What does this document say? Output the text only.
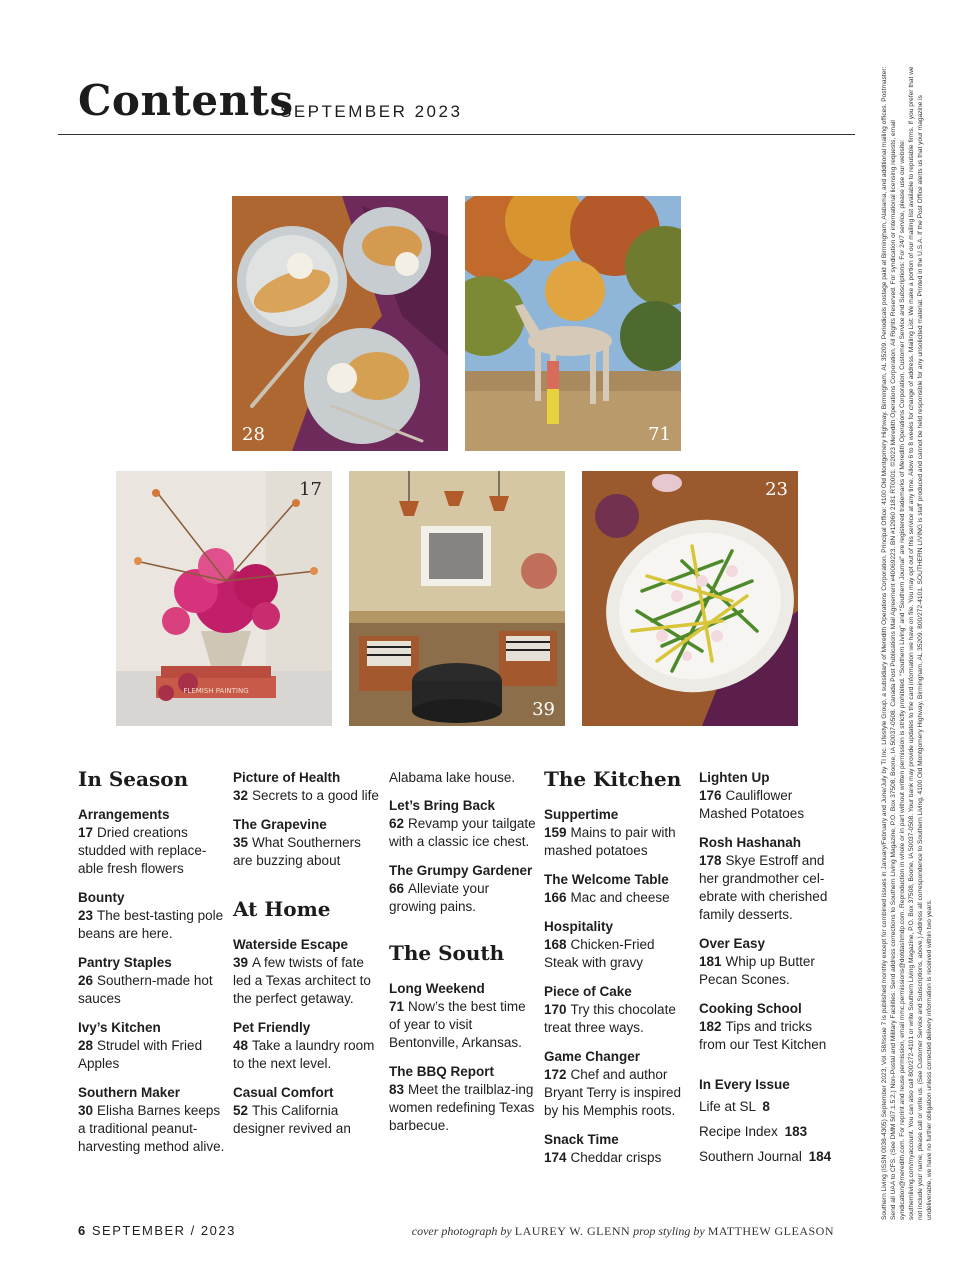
Contents
SEPTEMBER 2023
28	71
FLEMISH PAINTING
17
39
23
In Season
Arrangements
17 Dried creations studded with replace-able fresh flowers
Bounty
23 The best-tasting pole beans are here.
Pantry Staples
26 Southern-made hot sauces
Ivy’s Kitchen
28 Strudel with Fried Apples
Southern Maker
30 Elisha Barnes keeps a traditional peanut-harvesting method alive.
Picture of Health
32 Secrets to a good life
The Grapevine
35 What Southerners are buzzing about
At Home
Waterside Escape
39 A few twists of fate led a Texas architect to the perfect getaway.
Pet Friendly
48 Take a laundry room to the next level.
Casual Comfort
52 This California designer revived an
Alabama lake house.
Let’s Bring Back
62 Revamp your tailgate with a classic ice chest.
The Grumpy Gardener
66 Alleviate your growing pains.
The South
Long Weekend
71 Now’s the best time of year to visit Bentonville, Arkansas.
The BBQ Report
83 Meet the trailblaz-ing women redefining Texas barbecue.
The Kitchen
Suppertime
159 Mains to pair with mashed potatoes
The Welcome Table
166 Mac and cheese
Hospitality
168 Chicken-Fried Steak with gravy
Piece of Cake
170 Try this chocolate treat three ways.
Game Changer
172 Chef and author Bryant Terry is inspired by his Memphis roots.
Snack Time
174 Cheddar crisps
Lighten Up
176 Cauliflower Mashed Potatoes
Rosh Hashanah
178 Skye Estroff and her grandmother cel-ebrate with cherished family desserts.
Over Easy
181 Whip up Butter Pecan Scones.
Cooking School
182 Tips and tricks from our Test Kitchen
In Every Issue
Life at SL 8
Recipe Index 183
Southern Journal 184
6 SEPTEMBER / 2023	cover photograph by LAUREY W. GLENN prop styling by MATTHEW GLEASON
Southern Living (ISSN 0038-4305) September 2023, Vol. 58/Issue 7 is published monthly except for combined issues in January/February and June/July by TI Inc. Lifestyle Group, a subsidiary of Meredith Operations Corporation. Principal Office: 4100 Old Montgomery Highway, Birmingham, AL 35209. Periodicals postage paid at Birmingham, Alabama, and additional mailing offices. Postmaster: Send all UAA to CFS. (See DMM 507.1.5.2.) Non-Postal and Military Facilities: Send address corrections to Southern Living Magazine, P.O. Box 37508, Boone, IA 50037-0508. Canada Post Publications Mail Agreement #40069223. BN #12960 2181 RT0001. ©2023 Meredith Operations Corporation. All Rights Reserved. For syndication or international licensing requests, email syndication@meredith.com. For reprint and reuse permission, email mmc.permissions@dotdashmdp.com. Reproduction in whole or in part without written permission is strictly prohibited. “Southern Living” and “Southern Journal” are registered trademarks of Meredith Operations Corporation. Customer Service and Subscriptions: For 24/7 service, please use our website: southernliving.com/myaccount. You can also call 800/272-4101 or write Southern Living Magazine, P.O. Box 37508, Boone, IA 50037-0508. Your bank may provide updates to the card information we have on file. You may opt out of this service at any time. Allow 6 to 8 weeks for change of address. Mailing List: We make a portion of our mailing list available to reputable firms. If you prefer that we not include your name, please call or write us. (See Customer Service and Subscriptions, above.) Address all correspondence to Southern Living, 4100 Old Montgomery Highway, Birmingham, AL 35209. 800/272-4101. SOUTHERN LIVING is staff produced and cannot be held responsible for any unsolicited material. Printed in the U.S.A. If the Post Office alerts us that your magazine is undeliverable, we have no further obligation unless corrected delivery information is received within two years.
